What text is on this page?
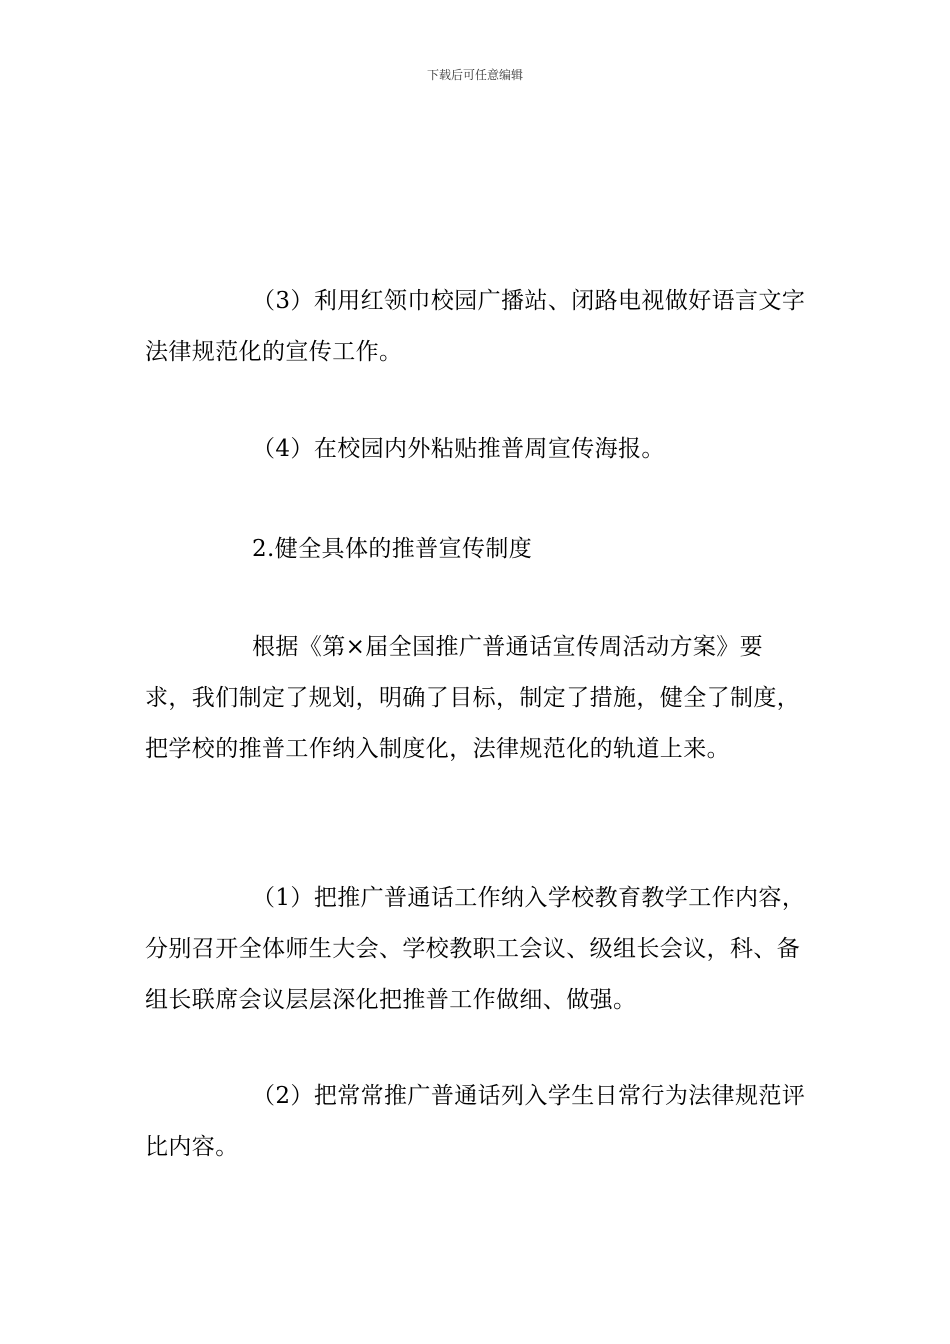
下载后可任意编辑

（3）利用红领巾校园广播站、闭路电视做好语言文字法律规范化的宣传工作。

（4）在校园内外粘贴推普周宣传海报。

2.健全具体的推普宣传制度

根据《第×届全国推广普通话宣传周活动方案》要求，我们制定了规划，明确了目标，制定了措施，健全了制度，把学校的推普工作纳入制度化，法律规范化的轨道上来。

（1）把推广普通话工作纳入学校教育教学工作内容，分别召开全体师生大会、学校教职工会议、级组长会议，科、备组长联席会议层层深化把推普工作做细、做强。

（2）把常常推广普通话列入学生日常行为法律规范评比内容。
